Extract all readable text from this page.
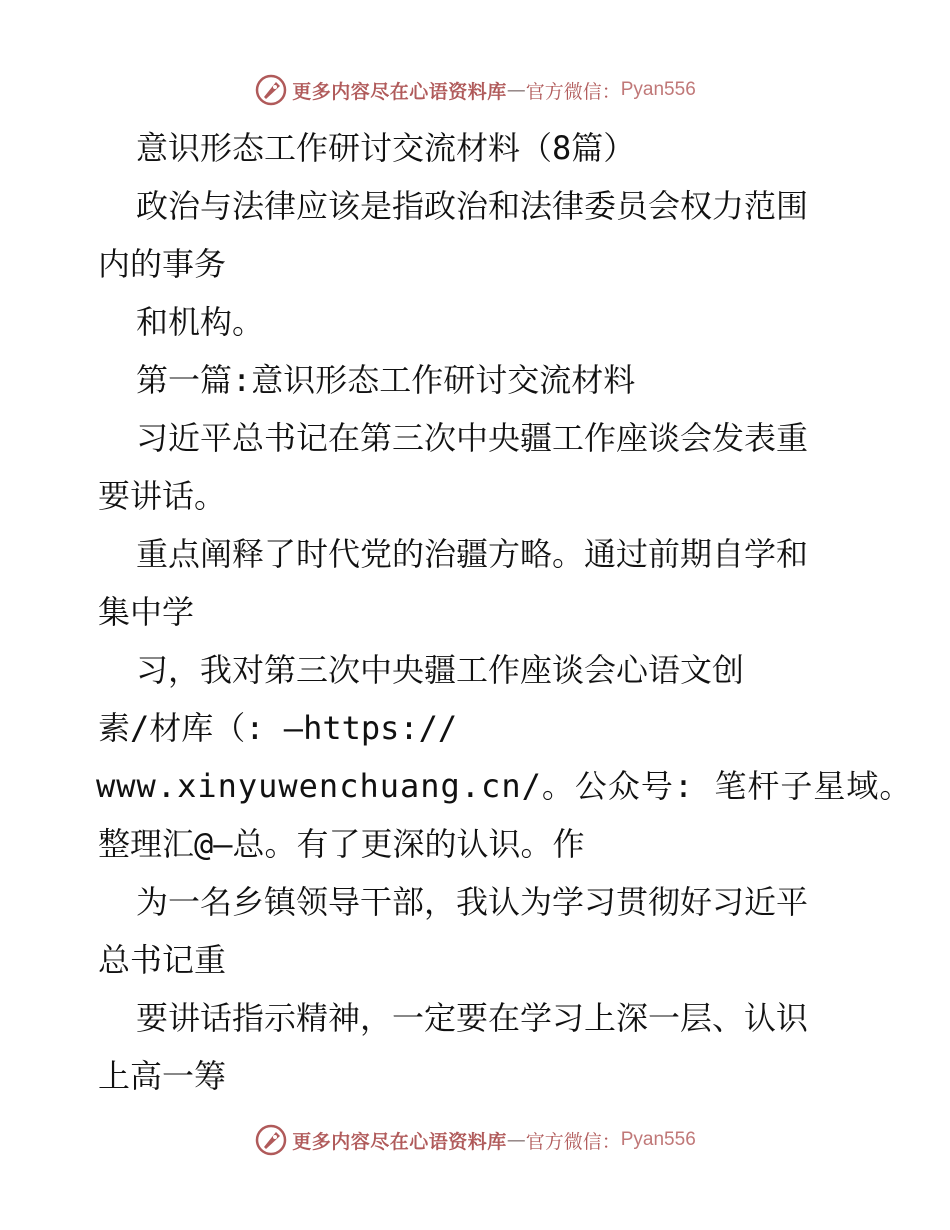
更多内容尽在心语资料库 — 官方微信： Pyan556
意识形态工作研讨交流材料（8篇）
政治与法律应该是指政治和法律委员会权力范围
内的事务
和机构。
第一篇:意识形态工作研讨交流材料
习近平总书记在第三次中央疆工作座谈会发表重
要讲话。
重点阐释了时代党的治疆方略。通过前期自学和
集中学
习，我对第三次中央疆工作座谈会心语文创
素/材库（: —https://
www.xinyuwenchuang.cn/。公众号: 笔杆子星域。
整理汇@—总。有了更深的认识。作
为一名乡镇领导干部，我认为学习贯彻好习近平
总书记重
要讲话指示精神，一定要在学习上深一层、认识
上高一筹
更多内容尽在心语资料库 — 官方微信： Pyan556
